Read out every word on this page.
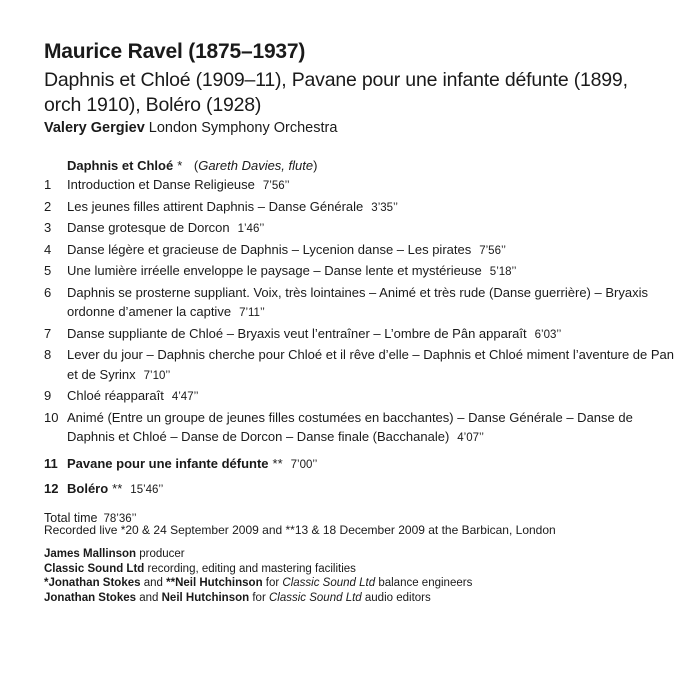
Maurice Ravel (1875–1937)
Daphnis et Chloé (1909–11), Pavane pour une infante défunte (1899, orch 1910), Boléro (1928)
Valery Gergiev London Symphony Orchestra
Daphnis et Chloé * (Gareth Davies, flute)
1	Introduction et Danse Religieuse 7’56’’
2	Les jeunes filles attirent Daphnis – Danse Générale 3’35’’
3	Danse grotesque de Dorcon 1’46’’
4	Danse légère et gracieuse de Daphnis – Lycenion danse – Les pirates 7’56’’
5	Une lumière irréelle enveloppe le paysage – Danse lente et mystérieuse 5’18’’
6	Daphnis se prosterne suppliant. Voix, très lointaines – Animé et très rude (Danse guerrière) – Bryaxis ordonne d’amener la captive 7’11’’
7	Danse suppliante de Chloé – Bryaxis veut l’entraîner – L’ombre de Pân apparaît 6’03’’
8	Lever du jour – Daphnis cherche pour Chloé et il rêve d’elle – Daphnis et Chloé miment l’aventure de Pan et de Syrinx 7’10’’
9	Chloé réapparaît 4’47’’
10 Animé (Entre un groupe de jeunes filles costumées en bacchantes) – Danse Générale – Danse de Daphnis et Chloé – Danse de Dorcon – Danse finale (Bacchanale) 4’07’’
11 Pavane pour une infante défunte ** 7’00’’
12 Boléro ** 15’46’’
Total time 78’36’’
Recorded live *20 & 24 September 2009 and **13 & 18 December 2009 at the Barbican, London
James Mallinson producer
Classic Sound Ltd recording, editing and mastering facilities
*Jonathan Stokes and **Neil Hutchinson for Classic Sound Ltd balance engineers
Jonathan Stokes and Neil Hutchinson for Classic Sound Ltd audio editors
